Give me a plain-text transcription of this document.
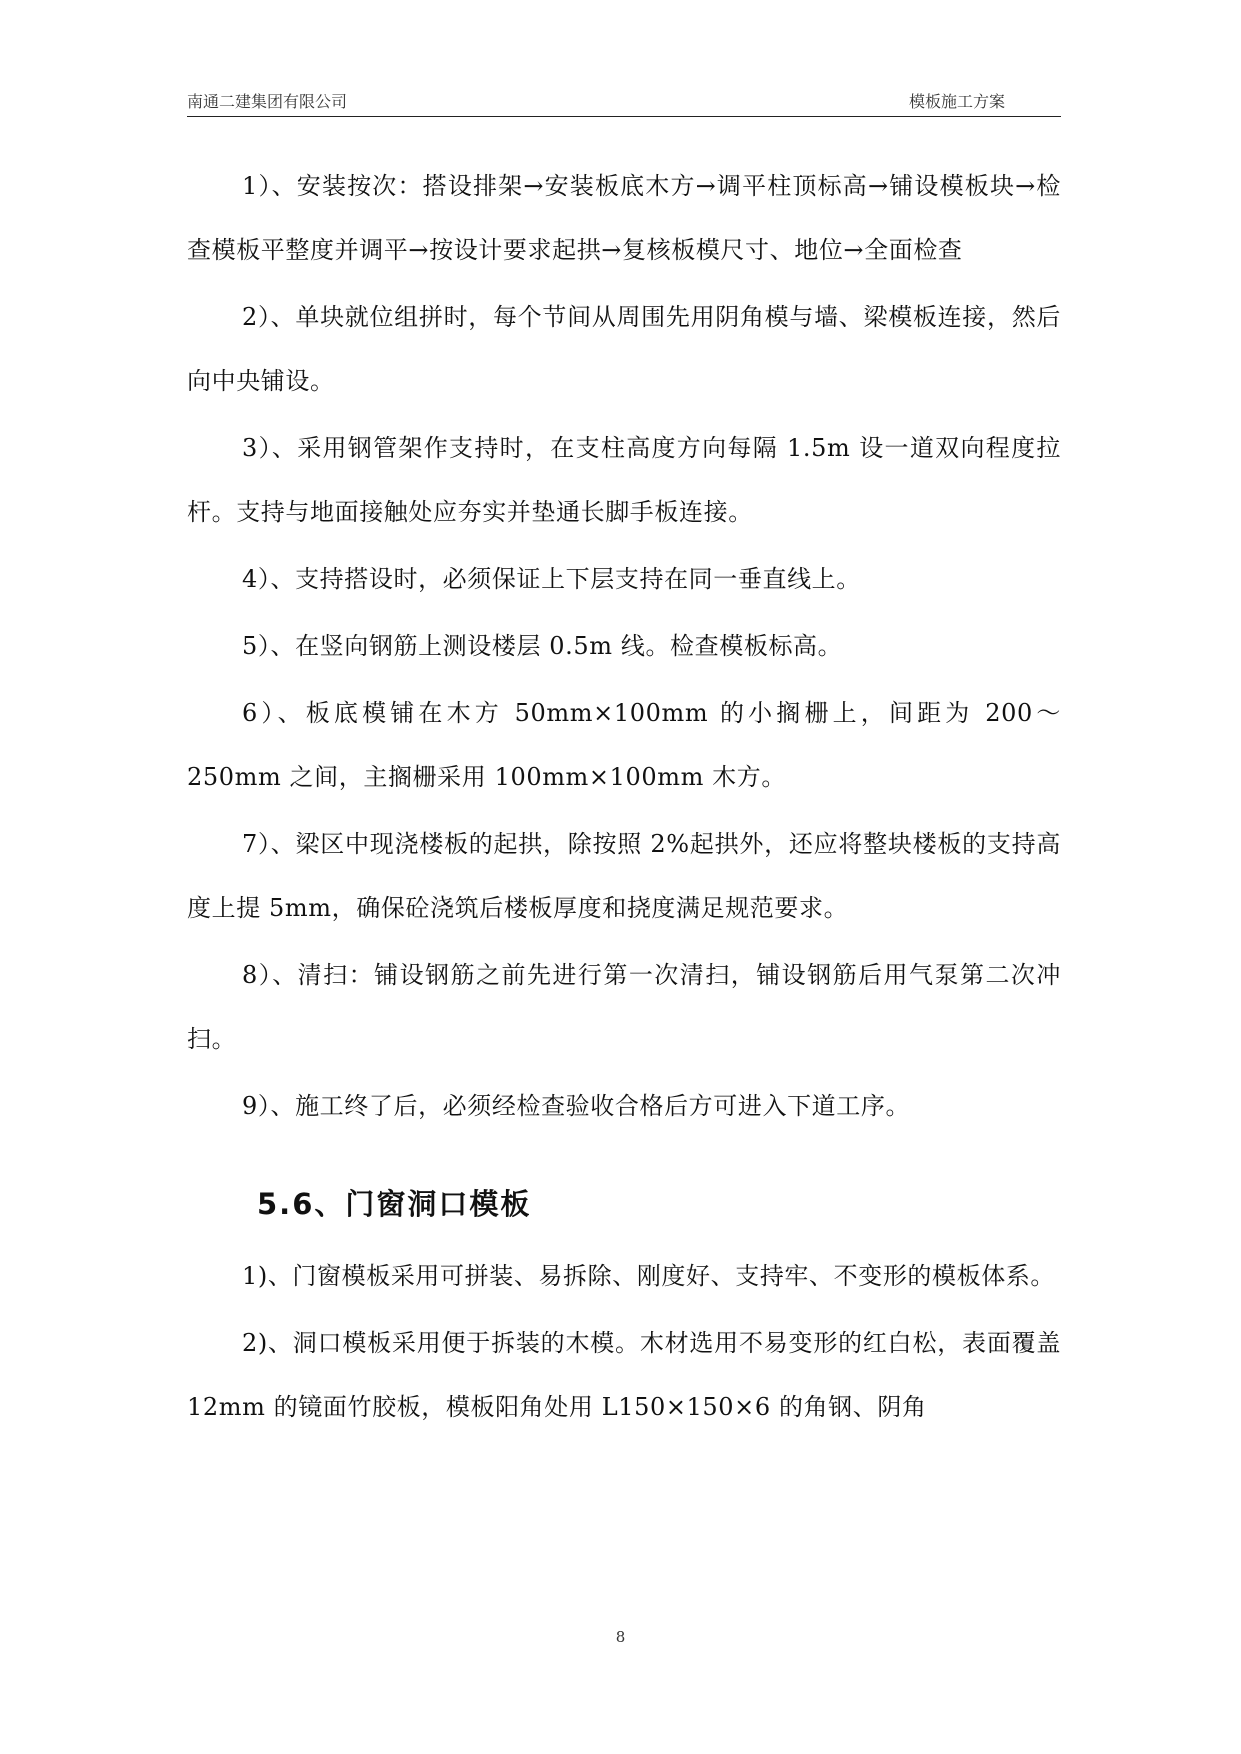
南通二建集团有限公司	模板施工方案

1）、安装按次：搭设排架→安装板底木方→调平柱顶标高→铺设模板块→检查模板平整度并调平→按设计要求起拱→复核板模尺寸、地位→全面检查

2）、单块就位组拼时，每个节间从周围先用阴角模与墙、梁模板连接，然后向中央铺设。

3）、采用钢管架作支持时，在支柱高度方向每隔 1.5m 设一道双向程度拉杆。支持与地面接触处应夯实并垫通长脚手板连接。

4）、支持搭设时，必须保证上下层支持在同一垂直线上。

5）、在竖向钢筋上测设楼层 0.5m 线。检查模板标高。

6）、板底模铺在木方 50mm×100mm 的小搁栅上，间距为 200～250mm 之间，主搁栅采用 100mm×100mm 木方。

7）、梁区中现浇楼板的起拱，除按照 2%起拱外，还应将整块楼板的支持高度上提 5mm，确保砼浇筑后楼板厚度和挠度满足规范要求。

8）、清扫：铺设钢筋之前先进行第一次清扫，铺设钢筋后用气泵第二次冲扫。

9）、施工终了后，必须经检查验收合格后方可进入下道工序。

5.6、门窗洞口模板

1)、门窗模板采用可拼装、易拆除、刚度好、支持牢、不变形的模板体系。

2)、洞口模板采用便于拆装的木模。木材选用不易变形的红白松，表面覆盖 12mm 的镜面竹胶板，模板阳角处用 L150×150×6 的角钢、阴角

8
